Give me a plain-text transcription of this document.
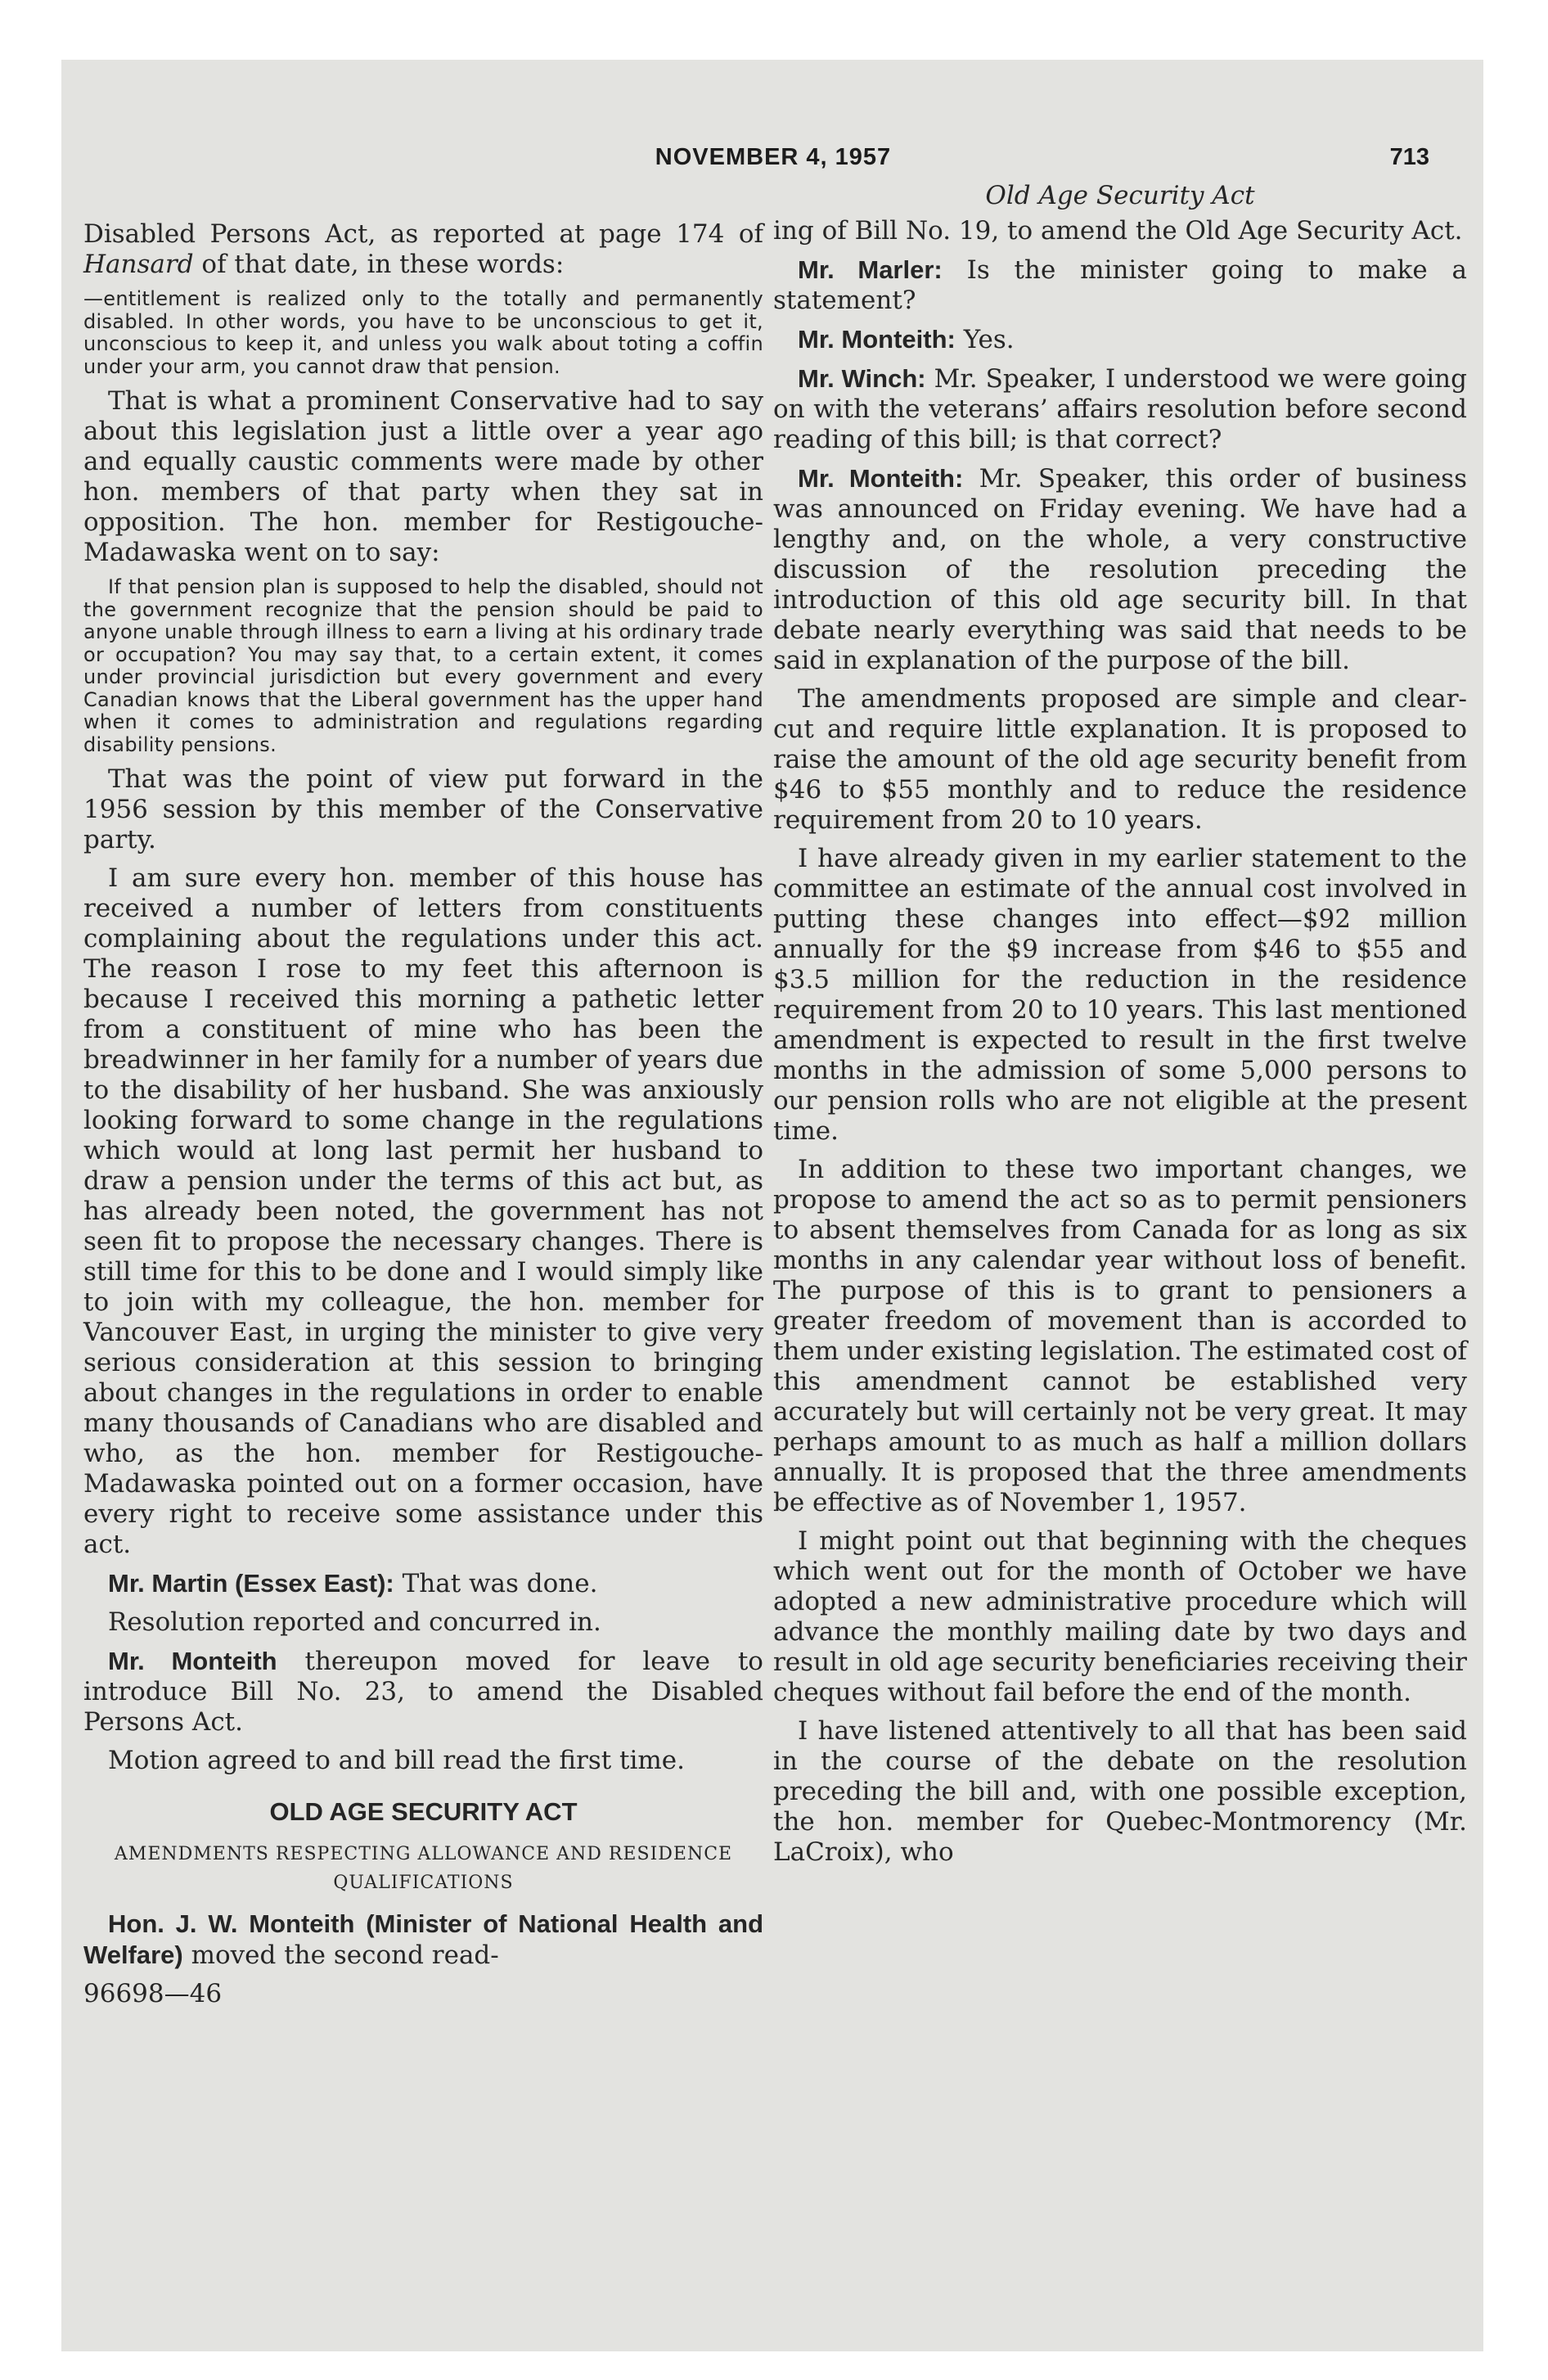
NOVEMBER 4, 1957	713

Disabled Persons Act, as reported at page 174 of Hansard of that date, in these words:

—entitlement is realized only to the totally and permanently disabled. In other words, you have to be unconscious to get it, unconscious to keep it, and unless you walk about toting a coffin under your arm, you cannot draw that pension.

That is what a prominent Conservative had to say about this legislation just a little over a year ago and equally caustic comments were made by other hon. members of that party when they sat in opposition. The hon. member for Restigouche-Madawaska went on to say:

If that pension plan is supposed to help the disabled, should not the government recognize that the pension should be paid to anyone unable through illness to earn a living at his ordinary trade or occupation? You may say that, to a certain extent, it comes under provincial jurisdiction but every government and every Canadian knows that the Liberal government has the upper hand when it comes to administration and regulations regarding disability pensions.

That was the point of view put forward in the 1956 session by this member of the Conservative party.

I am sure every hon. member of this house has received a number of letters from constituents complaining about the regulations under this act. The reason I rose to my feet this afternoon is because I received this morning a pathetic letter from a constituent of mine who has been the breadwinner in her family for a number of years due to the disability of her husband. She was anxiously looking forward to some change in the regulations which would at long last permit her husband to draw a pension under the terms of this act but, as has already been noted, the government has not seen fit to propose the necessary changes. There is still time for this to be done and I would simply like to join with my colleague, the hon. member for Vancouver East, in urging the minister to give very serious consideration at this session to bringing about changes in the regulations in order to enable many thousands of Canadians who are disabled and who, as the hon. member for Restigouche-Madawaska pointed out on a former occasion, have every right to receive some assistance under this act.

Mr. Martin (Essex East): That was done.

Resolution reported and concurred in.

Mr. Monteith thereupon moved for leave to introduce Bill No. 23, to amend the Disabled Persons Act.

Motion agreed to and bill read the first time.

OLD AGE SECURITY ACT
AMENDMENTS RESPECTING ALLOWANCE AND RESIDENCE QUALIFICATIONS

Hon. J. W. Monteith (Minister of National Health and Welfare) moved the second read-

96698—46

Old Age Security Act

ing of Bill No. 19, to amend the Old Age Security Act.

Mr. Marler: Is the minister going to make a statement?

Mr. Monteith: Yes.

Mr. Winch: Mr. Speaker, I understood we were going on with the veterans’ affairs resolution before second reading of this bill; is that correct?

Mr. Monteith: Mr. Speaker, this order of business was announced on Friday evening. We have had a lengthy and, on the whole, a very constructive discussion of the resolution preceding the introduction of this old age security bill. In that debate nearly everything was said that needs to be said in explanation of the purpose of the bill.

The amendments proposed are simple and clear-cut and require little explanation. It is proposed to raise the amount of the old age security benefit from $46 to $55 monthly and to reduce the residence requirement from 20 to 10 years.

I have already given in my earlier statement to the committee an estimate of the annual cost involved in putting these changes into effect—$92 million annually for the $9 increase from $46 to $55 and $3.5 million for the reduction in the residence requirement from 20 to 10 years. This last mentioned amendment is expected to result in the first twelve months in the admission of some 5,000 persons to our pension rolls who are not eligible at the present time.

In addition to these two important changes, we propose to amend the act so as to permit pensioners to absent themselves from Canada for as long as six months in any calendar year without loss of benefit. The purpose of this is to grant to pensioners a greater freedom of movement than is accorded to them under existing legislation. The estimated cost of this amendment cannot be established very accurately but will certainly not be very great. It may perhaps amount to as much as half a million dollars annually. It is proposed that the three amendments be effective as of November 1, 1957.

I might point out that beginning with the cheques which went out for the month of October we have adopted a new administrative procedure which will advance the monthly mailing date by two days and result in old age security beneficiaries receiving their cheques without fail before the end of the month.

I have listened attentively to all that has been said in the course of the debate on the resolution preceding the bill and, with one possible exception, the hon. member for Quebec-Montmorency (Mr. LaCroix), who
